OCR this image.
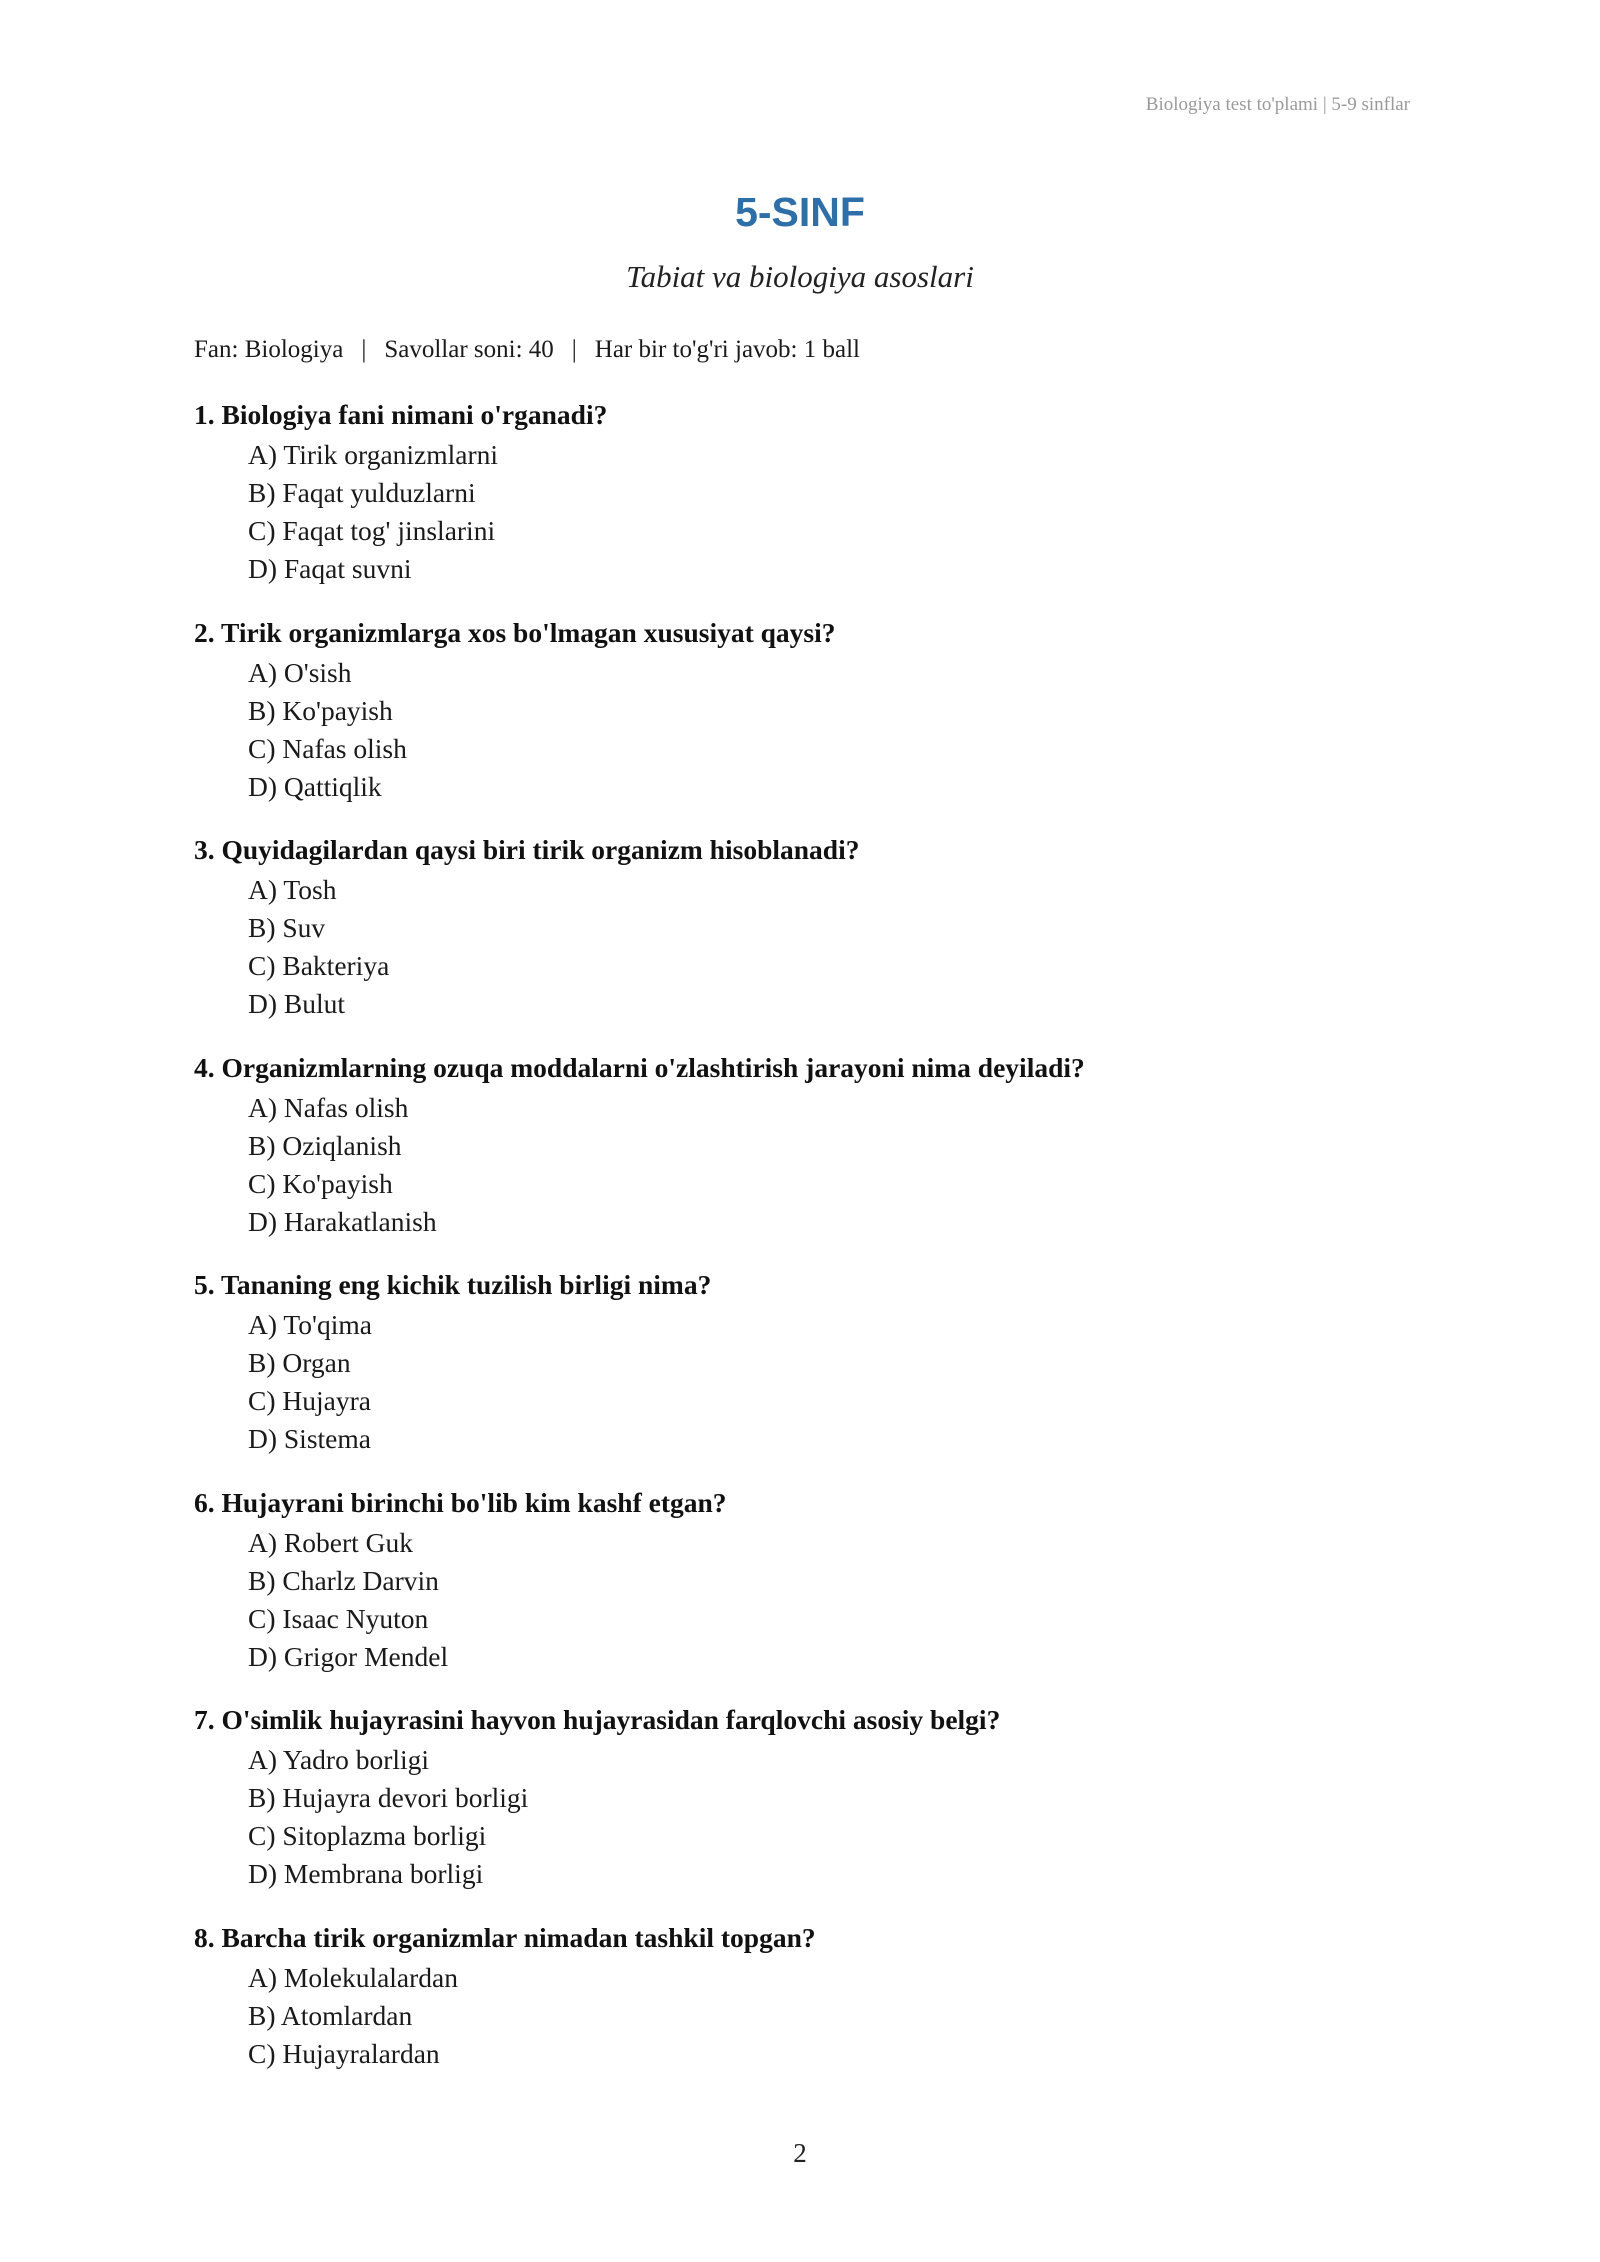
Biologiya test to'plami | 5-9 sinflar
5-SINF
Tabiat va biologiya asoslari
Fan: Biologiya | Savollar soni: 40 | Har bir to'g'ri javob: 1 ball
1. Biologiya fani nimani o'rganadi?
A) Tirik organizmlarni
B) Faqat yulduzlarni
C) Faqat tog' jinslarini
D) Faqat suvni
2. Tirik organizmlarga xos bo'lmagan xususiyat qaysi?
A) O'sish
B) Ko'payish
C) Nafas olish
D) Qattiqlik
3. Quyidagilardan qaysi biri tirik organizm hisoblanadi?
A) Tosh
B) Suv
C) Bakteriya
D) Bulut
4. Organizmlarning ozuqa moddalarni o'zlashtirish jarayoni nima deyiladi?
A) Nafas olish
B) Oziqlanish
C) Ko'payish
D) Harakatlanish
5. Tananing eng kichik tuzilish birligi nima?
A) To'qima
B) Organ
C) Hujayra
D) Sistema
6. Hujayrani birinchi bo'lib kim kashf etgan?
A) Robert Guk
B) Charlz Darvin
C) Isaac Nyuton
D) Grigor Mendel
7. O'simlik hujayrasini hayvon hujayrasidan farqlovchi asosiy belgi?
A) Yadro borligi
B) Hujayra devori borligi
C) Sitoplazma borligi
D) Membrana borligi
8. Barcha tirik organizmlar nimadan tashkil topgan?
A) Molekulalardan
B) Atomlardan
C) Hujayralardan
2
